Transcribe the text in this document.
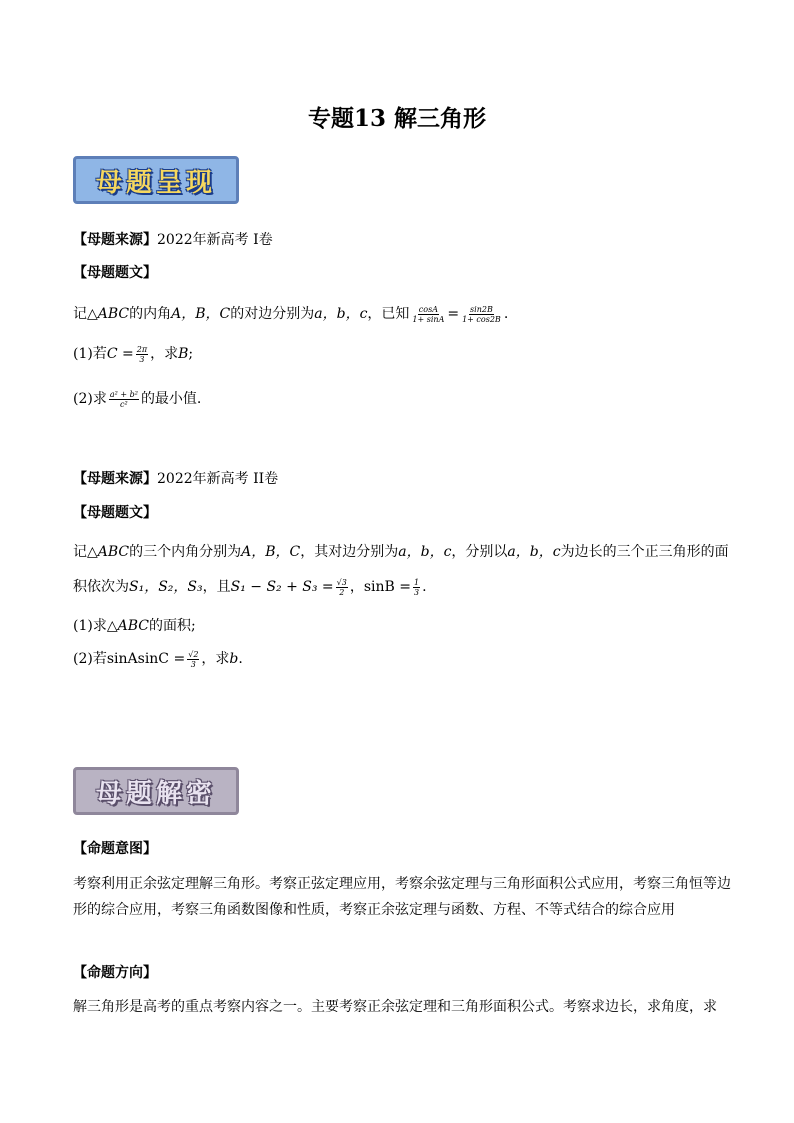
专题13 解三角形
母题呈现
【母题来源】2022年新高考 I卷
【母题题文】
记△ABC的内角A，B，C的对边分别为a，b，c，已知 $\frac{\cos A}{1+ \sin A} = \frac{\sin 2B}{1+ \cos 2B}$ .
(1)若$C = \frac{2\pi}{3}$ ，求B;
(2)求 $\frac{\text{a² + b²}}{\text{c²}}$ 的最小值.
【母题来源】2022年新高考 II卷
【母题题文】
记△ABC的三个内角分别为A，B，C，其对边分别为a，b，c，分别以a，b，c为边长的三个正三角形的面
积依次为S₁，S₂，S₃，且$S_1 - S_2 + S_3 = \frac{√3}{2}$ ，$\sin B = \frac{1}{3}$ .
(1)求△ABC的面积;
(2)若sinAsinC = $\frac{√2}{3}$ ，求b.
母题解密
【命题意图】
考察利用正余弦定理解三角形。考察正弦定理应用，考察余弦定理与三角形面积公式应用，考察三角恒等边形的综合应用，考察三角函数图像和性质，考察正余弦定理与函数、方程、不等式结合的综合应用
【命题方向】
解三角形是高考的重点考察内容之一。主要考察正余弦定理和三角形面积公式。考察求边长，求角度，求
